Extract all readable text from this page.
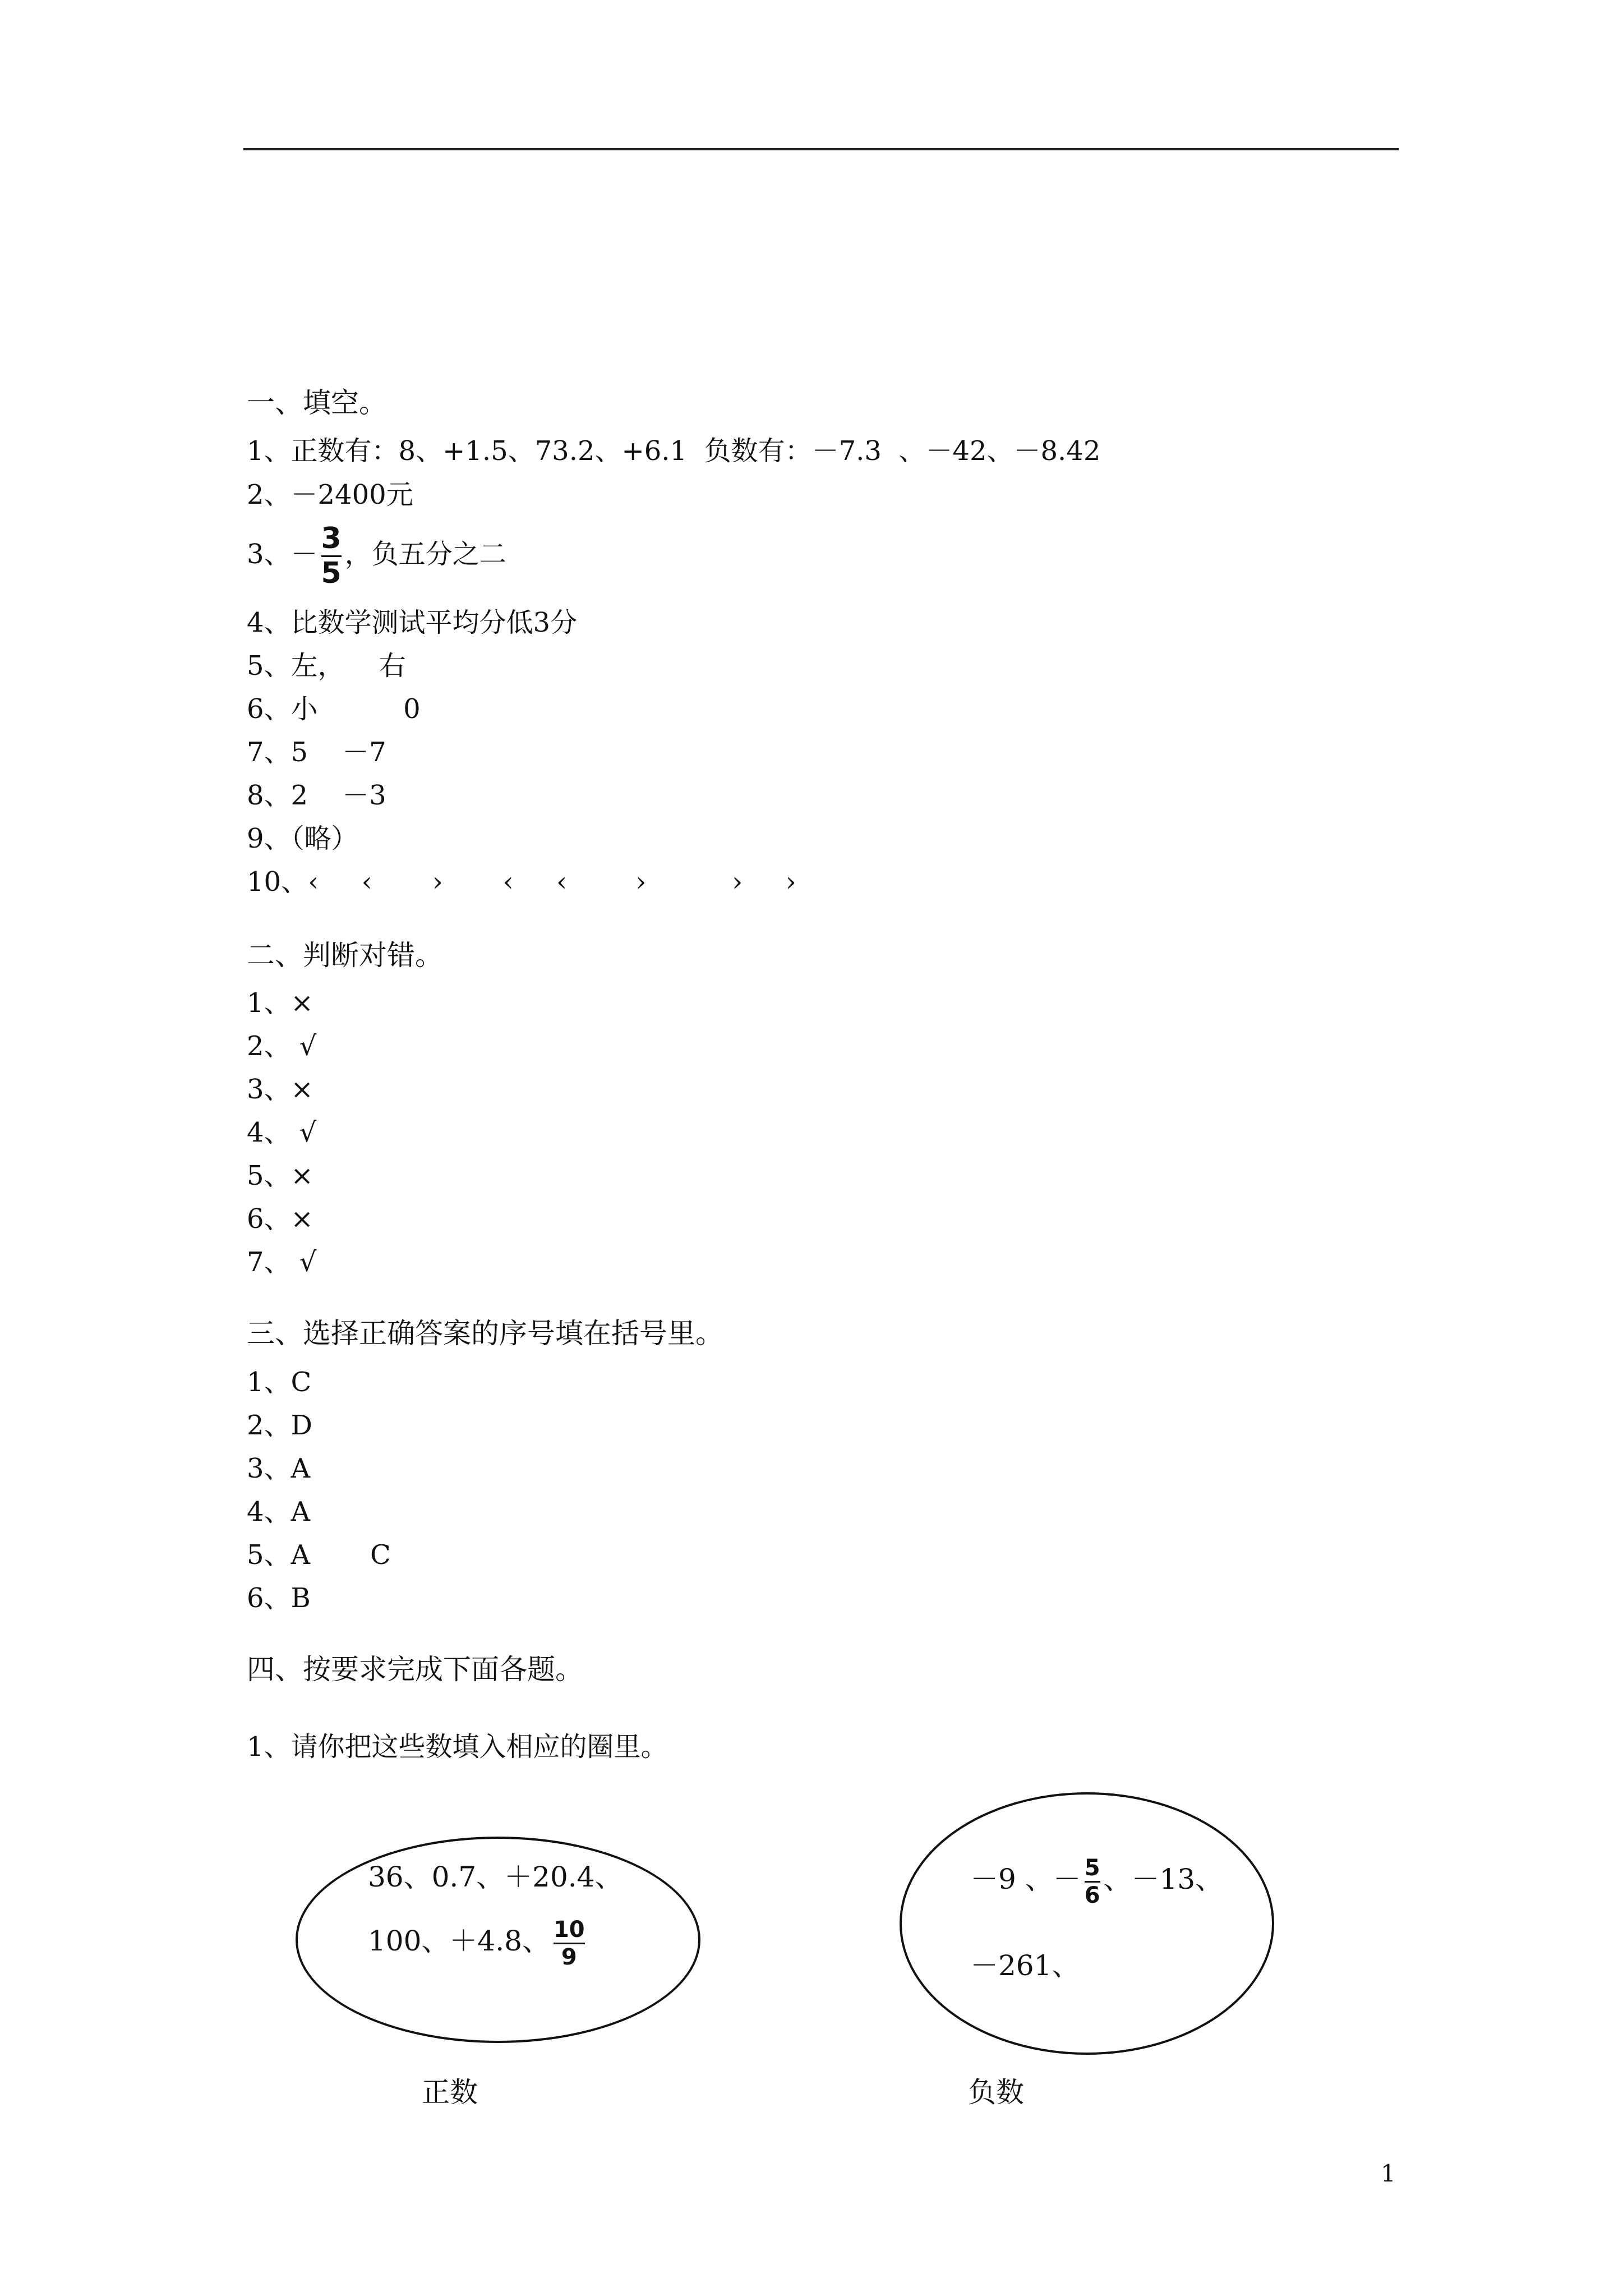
一、填空。
1、正数有：8、+1.5、73.2、+6.1  负数有：－7.3  、－42、－8.42
2、－2400元
3、－ $\frac{3}{5}$ ，负五分之二
4、比数学测试平均分低3分
5、左，    右
6、小          0
7、5    －7
8、2    －3
9、（略）
10、‹     ‹       ›       ‹     ‹        ›          ›     ›
二、判断对错。
1、×
2、 √
3、×
4、 √
5、×
6、×
7、 √
三、选择正确答案的序号填在括号里。
1、C
2、D
3、A
4、A
5、A       C
6、B
四、按要求完成下面各题。
1、请你把这些数填入相应的圈里。
36、0.7、＋20.4、
100、＋4.8、 $\frac{10}{9}$
正数
－9 、－ $\frac{5}{6}$ 、－13、
－261、
负数
1
